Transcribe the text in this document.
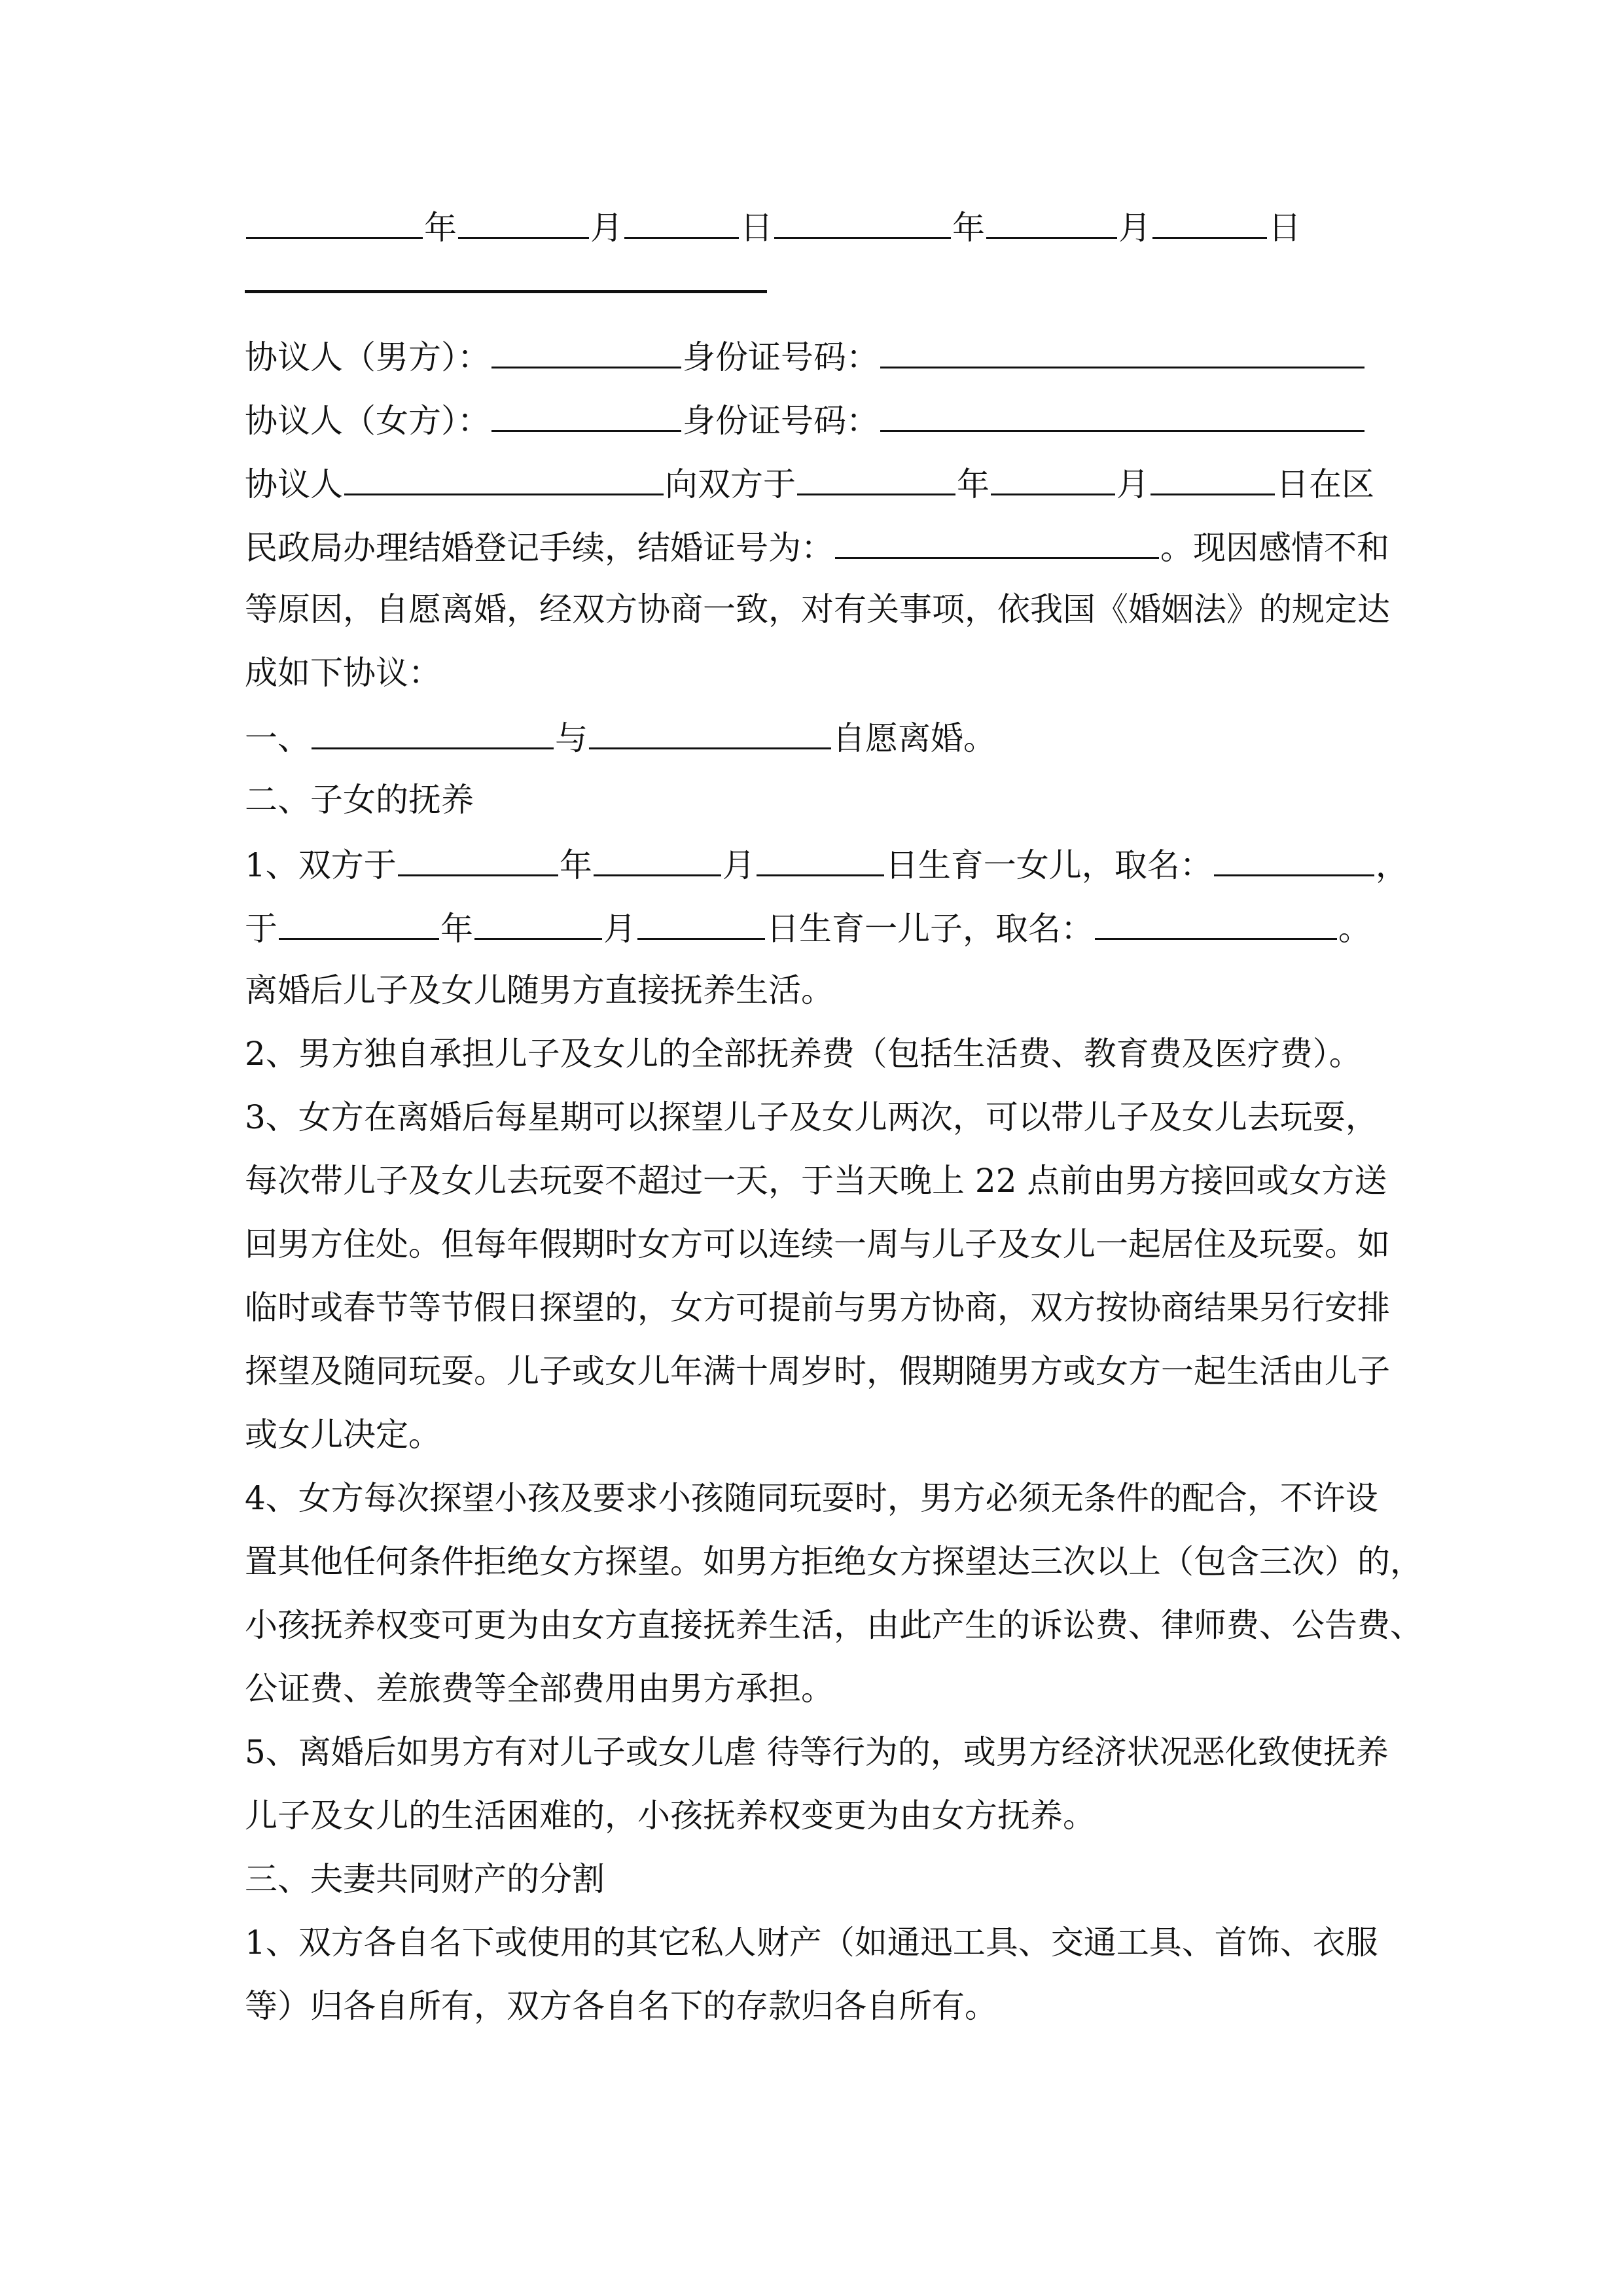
年	月	日	年	月	日
协议人（男方）：	身份证号码：
协议人（女方）：	身份证号码：
协议人	向双方于	年	月	日在区
民政局办理结婚登记手续，结婚证号为：	。现因感情不和
等原因，自愿离婚，经双方协商一致，对有关事项，依我国《婚姻法》的规定达
成如下协议：
一、	与	自愿离婚。
二、子女的抚养
1、双方于	年	月	日生育一女儿，取名：	，
于	年	月	日生育一儿子，取名：	。
离婚后儿子及女儿随男方直接抚养生活。
2、男方独自承担儿子及女儿的全部抚养费（包括生活费、教育费及医疗费）。
3、女方在离婚后每星期可以探望儿子及女儿两次，可以带儿子及女儿去玩耍，
每次带儿子及女儿去玩耍不超过一天，于当天晚上 22 点前由男方接回或女方送
回男方住处。但每年假期时女方可以连续一周与儿子及女儿一起居住及玩耍。如
临时或春节等节假日探望的，女方可提前与男方协商，双方按协商结果另行安排
探望及随同玩耍。儿子或女儿年满十周岁时，假期随男方或女方一起生活由儿子
或女儿决定。
4、女方每次探望小孩及要求小孩随同玩耍时，男方必须无条件的配合，不许设
置其他任何条件拒绝女方探望。如男方拒绝女方探望达三次以上（包含三次）的，
小孩抚养权变可更为由女方直接抚养生活，由此产生的诉讼费、律师费、公告费、
公证费、差旅费等全部费用由男方承担。
5、离婚后如男方有对儿子或女儿虐 待等行为的，或男方经济状况恶化致使抚养
儿子及女儿的生活困难的，小孩抚养权变更为由女方抚养。
三、夫妻共同财产的分割
1、双方各自名下或使用的其它私人财产（如通迅工具、交通工具、首饰、衣服
等）归各自所有，双方各自名下的存款归各自所有。
